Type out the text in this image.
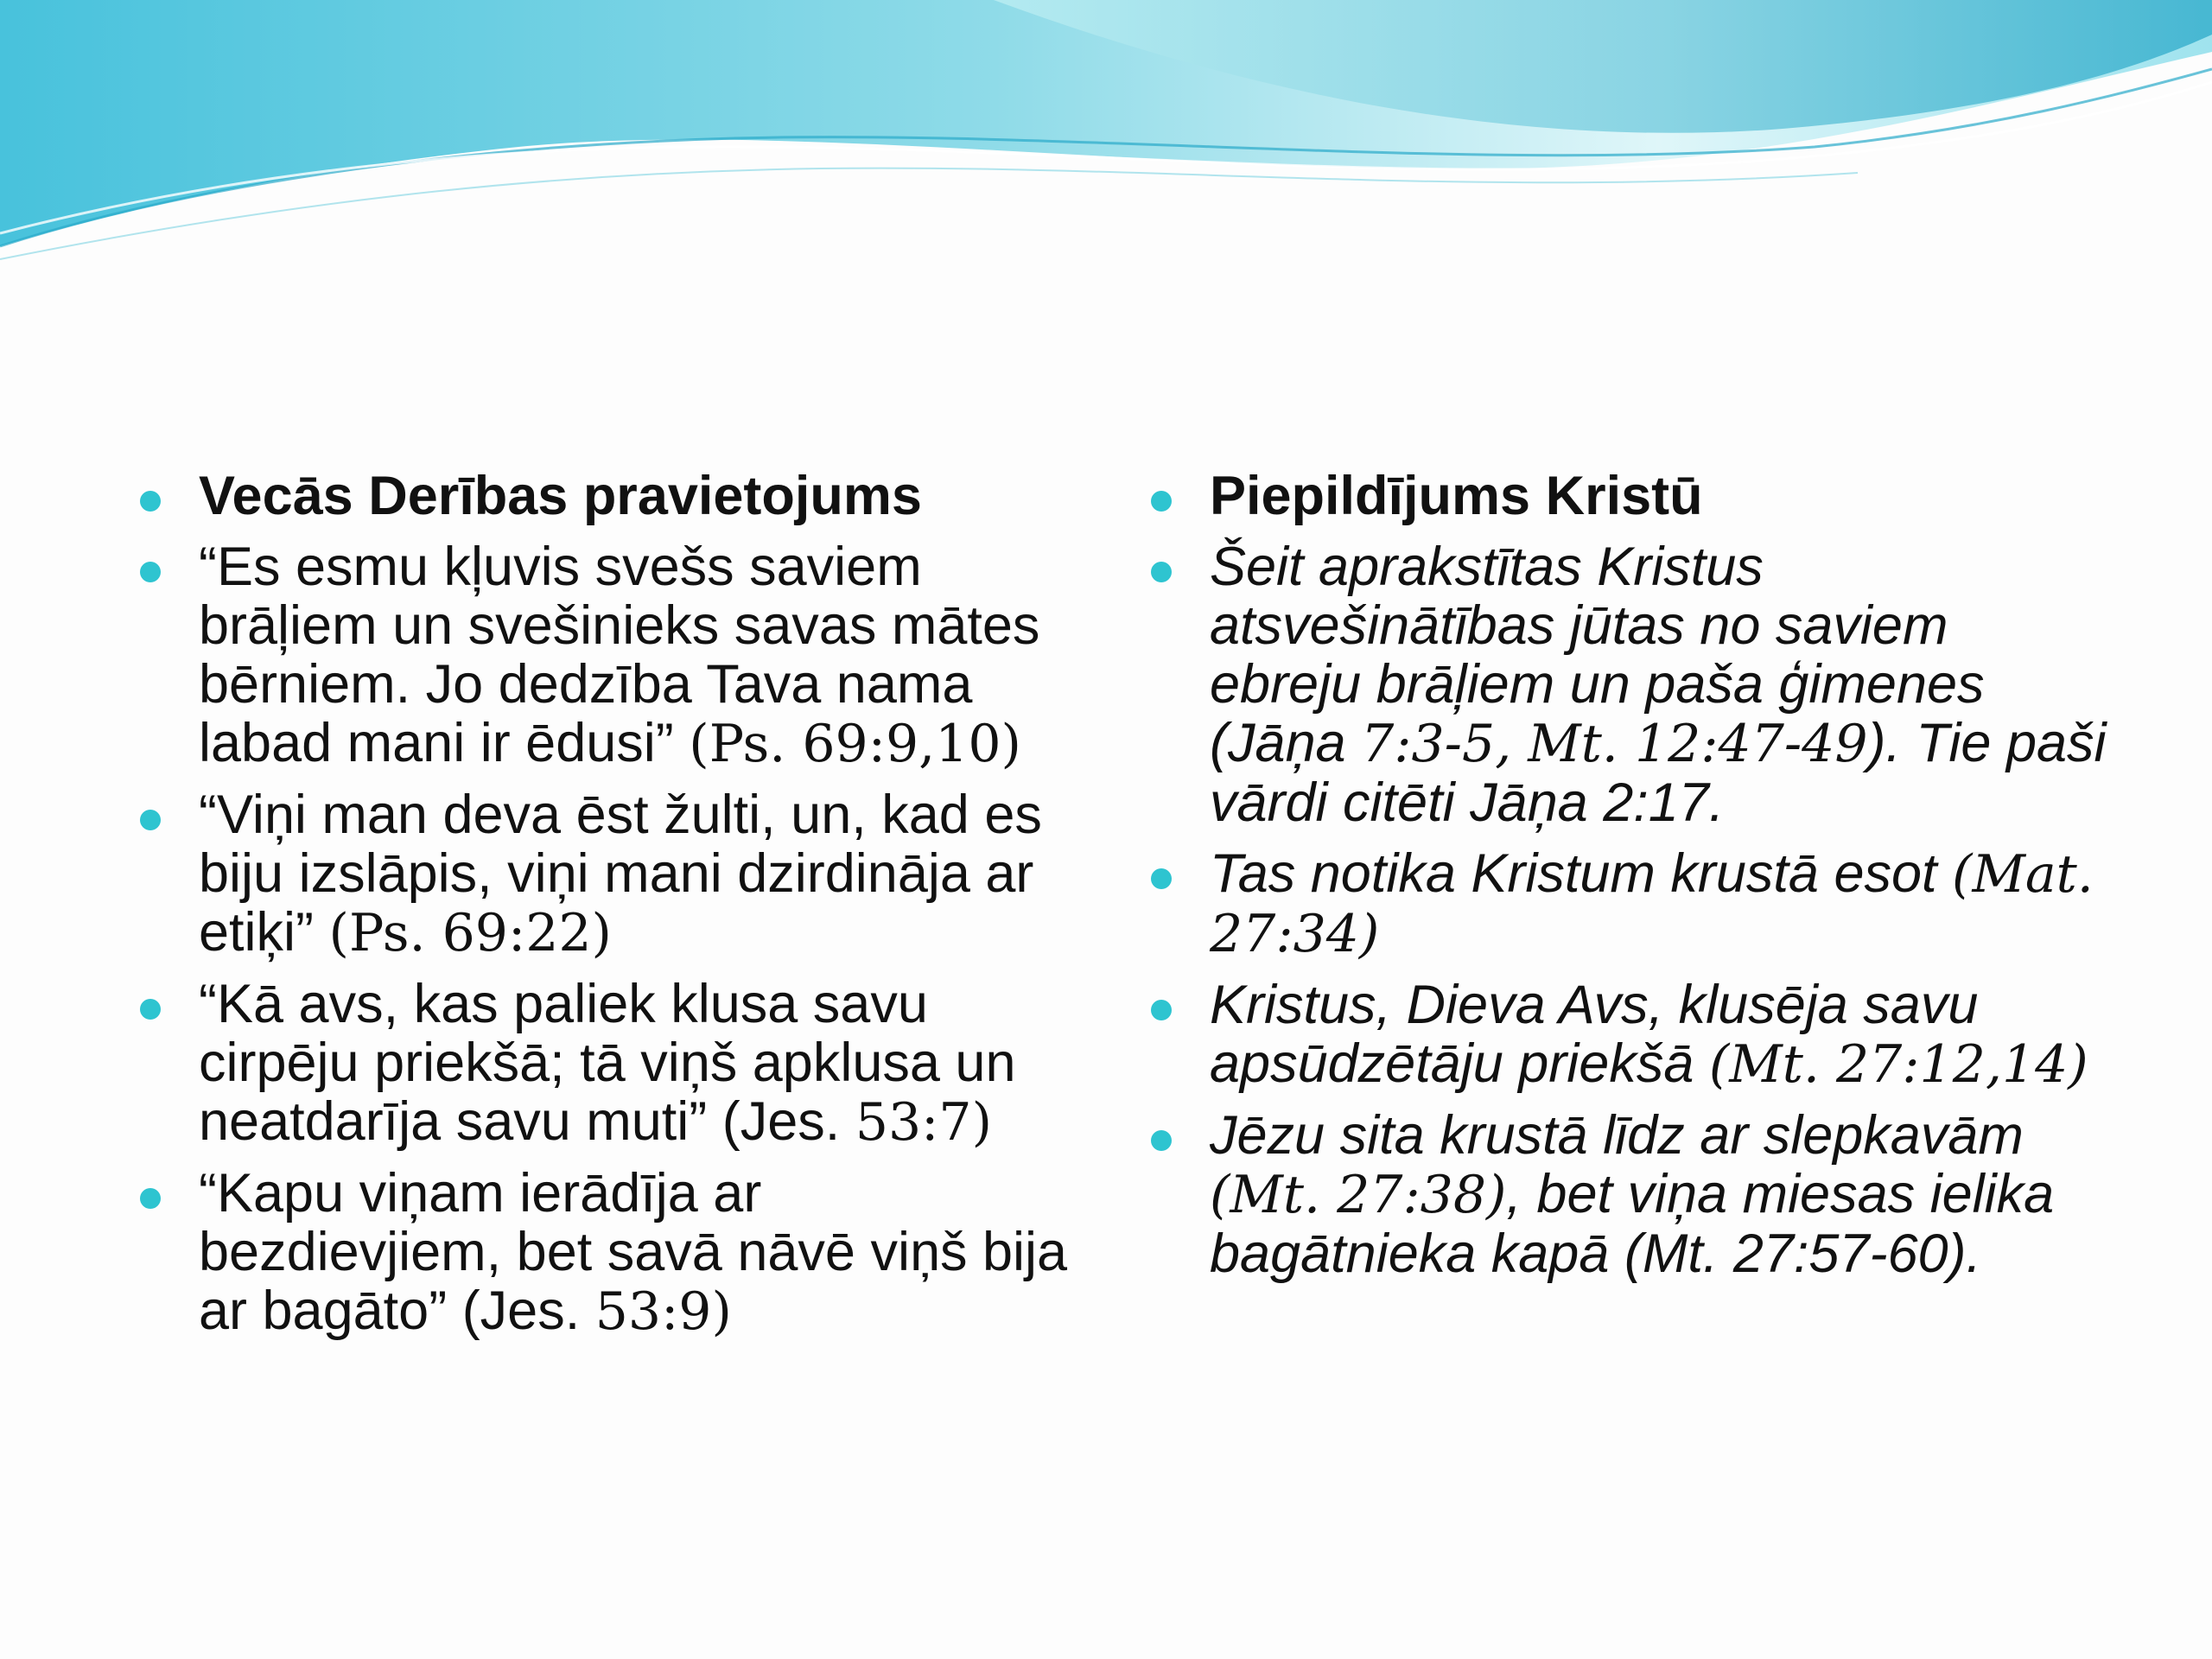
Vecās Derības pravietojums
“Es esmu kļuvis svešs saviem brāļiem un svešinieks savas mātes bērniem. Jo dedzība Tava nama labad mani ir ēdusi” (Ps. 69:9,10)
“Viņi man deva ēst žulti, un, kad es biju izslāpis, viņi mani dzirdināja ar etiķi” (Ps. 69:22)
“Kā avs, kas paliek klusa savu cirpēju priekšā; tā viņš apklusa un neatdarīja savu muti” (Jes. 53:7)
“Kapu viņam ierādīja ar bezdievjiem, bet savā nāvē viņš bija ar bagāto” (Jes. 53:9)
Piepildījums Kristū
Šeit aprakstītas Kristus atsvešinātības jūtas no saviem ebreju brāļiem un paša ģimenes (Jāņa 7:3-5, Mt. 12:47-49). Tie paši vārdi citēti Jāņa 2:17.
Tas notika Kristum krustā esot (Mat. 27:34)
Kristus, Dieva Avs, klusēja savu apsūdzētāju priekšā (Mt. 27:12,14)
Jēzu sita krustā līdz ar slepkavām (Mt. 27:38), bet viņa miesas ielika bagātnieka kapā (Mt. 27:57-60).
